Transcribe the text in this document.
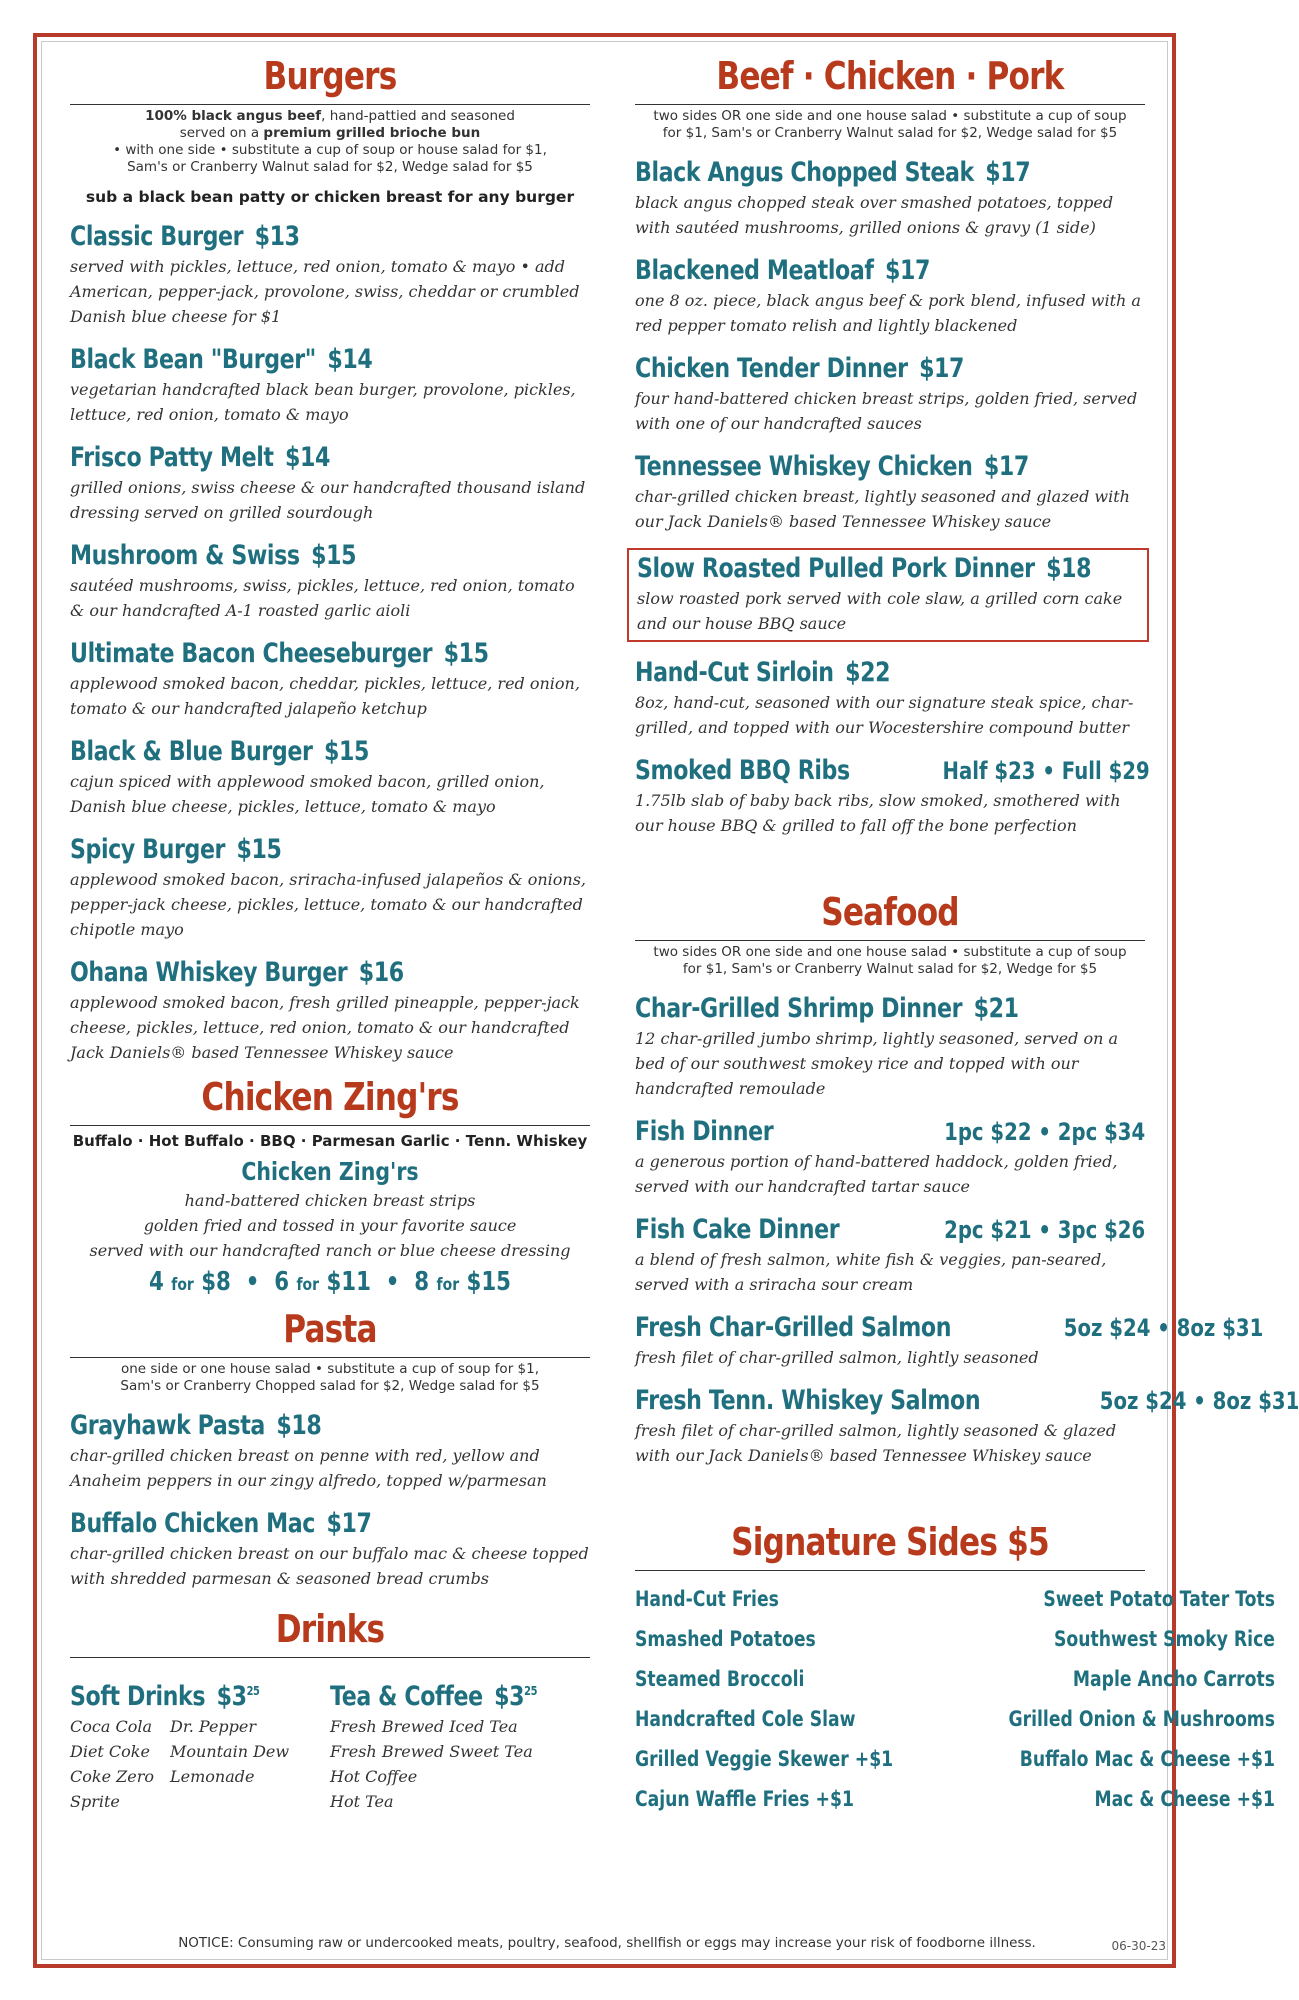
Burgers
100% black angus beef, hand-pattied and seasoned
served on a premium grilled brioche bun
• with one side • substitute a cup of soup or house salad for $1,
Sam's or Cranberry Walnut salad for $2, Wedge salad for $5
sub a black bean patty or chicken breast for any burger
Classic Burger $13
served with pickles, lettuce, red onion, tomato & mayo • add American, pepper-jack, provolone, swiss, cheddar or crumbled Danish blue cheese for $1
Black Bean "Burger" $14
vegetarian handcrafted black bean burger, provolone, pickles, lettuce, red onion, tomato & mayo
Frisco Patty Melt $14
grilled onions, swiss cheese & our handcrafted thousand island dressing served on grilled sourdough
Mushroom & Swiss $15
sautéed mushrooms, swiss, pickles, lettuce, red onion, tomato & our handcrafted A-1 roasted garlic aioli
Ultimate Bacon Cheeseburger $15
applewood smoked bacon, cheddar, pickles, lettuce, red onion, tomato & our handcrafted jalapeño ketchup
Black & Blue Burger $15
cajun spiced with applewood smoked bacon, grilled onion, Danish blue cheese, pickles, lettuce, tomato & mayo
Spicy Burger $15
applewood smoked bacon, sriracha-infused jalapeños & onions, pepper-jack cheese, pickles, lettuce, tomato & our handcrafted chipotle mayo
Ohana Whiskey Burger $16
applewood smoked bacon, fresh grilled pineapple, pepper-jack cheese, pickles, lettuce, red onion, tomato & our handcrafted Jack Daniels® based Tennessee Whiskey sauce
Chicken Zing'rs
Buffalo · Hot Buffalo · BBQ · Parmesan Garlic · Tenn. Whiskey
Chicken Zing'rs
hand-battered chicken breast strips
golden fried and tossed in your favorite sauce
served with our handcrafted ranch or blue cheese dressing
4 for $8 • 6 for $11 • 8 for $15
Pasta
one side or one house salad • substitute a cup of soup for $1,
Sam's or Cranberry Chopped salad for $2, Wedge salad for $5
Grayhawk Pasta $18
char-grilled chicken breast on penne with red, yellow and Anaheim peppers in our zingy alfredo, topped w/parmesan
Buffalo Chicken Mac $17
char-grilled chicken breast on our buffalo mac & cheese topped with shredded parmesan & seasoned bread crumbs
Drinks
Soft Drinks $\$3^{25}$
Coca Cola
Diet Coke
Coke Zero
Sprite
Dr. Pepper
Mountain Dew
Lemonade
Tea & Coffee $\$3^{25}$
Fresh Brewed Iced Tea
Fresh Brewed Sweet Tea
Hot Coffee
Hot Tea
Beef · Chicken · Pork
two sides OR one side and one house salad • substitute a cup of soup
for $1, Sam's or Cranberry Walnut salad for $2, Wedge salad for $5
Black Angus Chopped Steak $17
black angus chopped steak over smashed potatoes, topped with sautéed mushrooms, grilled onions & gravy (1 side)
Blackened Meatloaf $17
one 8 oz. piece, black angus beef & pork blend, infused with a red pepper tomato relish and lightly blackened
Chicken Tender Dinner $17
four hand-battered chicken breast strips, golden fried, served with one of our handcrafted sauces
Tennessee Whiskey Chicken $17
char-grilled chicken breast, lightly seasoned and glazed with our Jack Daniels® based Tennessee Whiskey sauce
Slow Roasted Pulled Pork Dinner $18
slow roasted pork served with cole slaw, a grilled corn cake and our house BBQ sauce
Hand-Cut Sirloin $22
8oz, hand-cut, seasoned with our signature steak spice, char-grilled, and topped with our Wocestershire compound butter
Smoked BBQ Ribs	Half $23 • Full $29
1.75lb slab of baby back ribs, slow smoked, smothered with our house BBQ & grilled to fall off the bone perfection
Seafood
two sides OR one side and one house salad • substitute a cup of soup
for $1, Sam's or Cranberry Walnut salad for $2, Wedge for $5
Char-Grilled Shrimp Dinner $21
12 char-grilled jumbo shrimp, lightly seasoned, served on a bed of our southwest smokey rice and topped with our handcrafted remoulade
Fish Dinner	1pc $22 • 2pc $34
a generous portion of hand-battered haddock, golden fried, served with our handcrafted tartar sauce
Fish Cake Dinner	2pc $21 • 3pc $26
a blend of fresh salmon, white fish & veggies, pan-seared, served with a sriracha sour cream
Fresh Char-Grilled Salmon	5oz $24 • 8oz $31
fresh filet of char-grilled salmon, lightly seasoned
Fresh Tenn. Whiskey Salmon	5oz $24 • 8oz $31
fresh filet of char-grilled salmon, lightly seasoned & glazed with our Jack Daniels® based Tennessee Whiskey sauce
Signature Sides $5
Hand-Cut Fries	Sweet Potato Tater Tots
Smashed Potatoes	Southwest Smoky Rice
Steamed Broccoli	Maple Ancho Carrots
Handcrafted Cole Slaw	Grilled Onion & Mushrooms
Grilled Veggie Skewer +$1	Buffalo Mac & Cheese +$1
Cajun Waffle Fries +$1	Mac & Cheese +$1
NOTICE: Consuming raw or undercooked meats, poultry, seafood, shellfish or eggs may increase your risk of foodborne illness.	06-30-23
